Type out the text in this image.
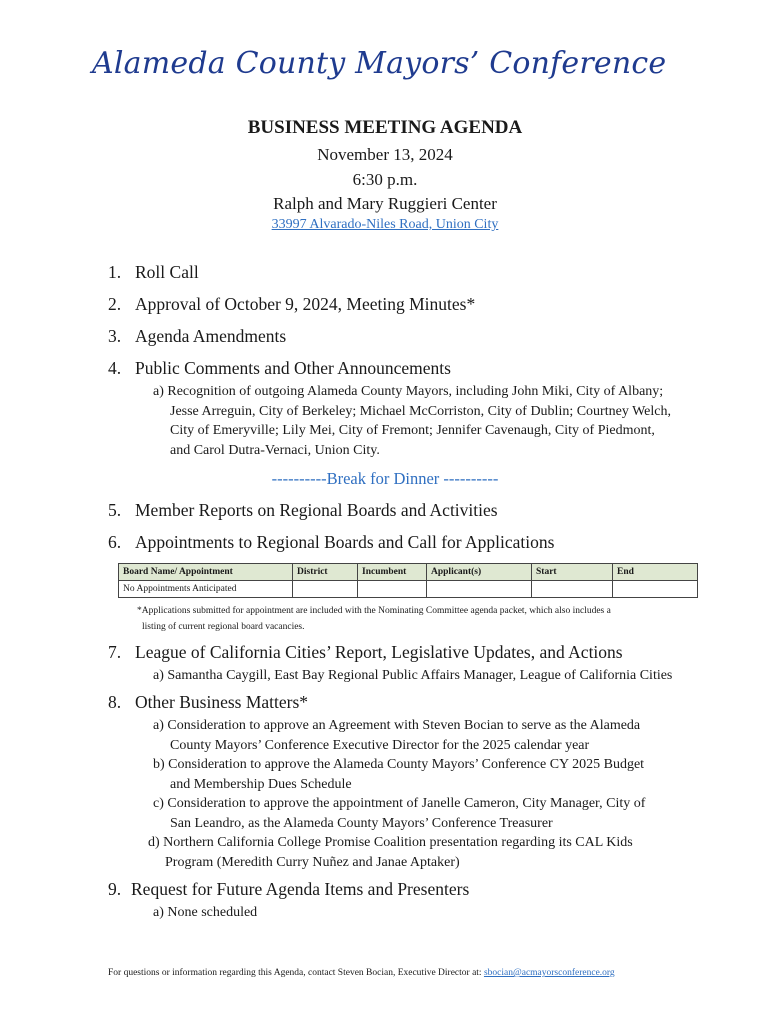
Alameda County Mayors’ Conference
BUSINESS MEETING AGENDA
November 13, 2024
6:30 p.m.
Ralph and Mary Ruggieri Center
33997 Alvarado-Niles Road, Union City
1. Roll Call
2. Approval of October 9, 2024, Meeting Minutes*
3. Agenda Amendments
4. Public Comments and Other Announcements
a) Recognition of outgoing Alameda County Mayors, including John Miki, City of Albany;
Jesse Arreguin, City of Berkeley; Michael McCorriston, City of Dublin; Courtney Welch,
City of Emeryville; Lily Mei, City of Fremont; Jennifer Cavenaugh, City of Piedmont,
and Carol Dutra-Vernaci, Union City.
----------Break for Dinner ----------
5. Member Reports on Regional Boards and Activities
6. Appointments to Regional Boards and Call for Applications
Board Name/ Appointment	District	Incumbent	Applicant(s)	Start	End
No Appointments Anticipated					
*Applications submitted for appointment are included with the Nominating Committee agenda packet, which also includes a
listing of current regional board vacancies.
7. League of California Cities’ Report, Legislative Updates, and Actions
a) Samantha Caygill, East Bay Regional Public Affairs Manager, League of California Cities
8. Other Business Matters*
a) Consideration to approve an Agreement with Steven Bocian to serve as the Alameda
County Mayors’ Conference Executive Director for the 2025 calendar year
b) Consideration to approve the Alameda County Mayors’ Conference CY 2025 Budget
and Membership Dues Schedule
c) Consideration to approve the appointment of Janelle Cameron, City Manager, City of
San Leandro, as the Alameda County Mayors’ Conference Treasurer
d) Northern California College Promise Coalition presentation regarding its CAL Kids
Program (Meredith Curry Nuñez and Janae Aptaker)
9. Request for Future Agenda Items and Presenters
a) None scheduled
For questions or information regarding this Agenda, contact Steven Bocian, Executive Director at: sbocian@acmayorsconference.org
